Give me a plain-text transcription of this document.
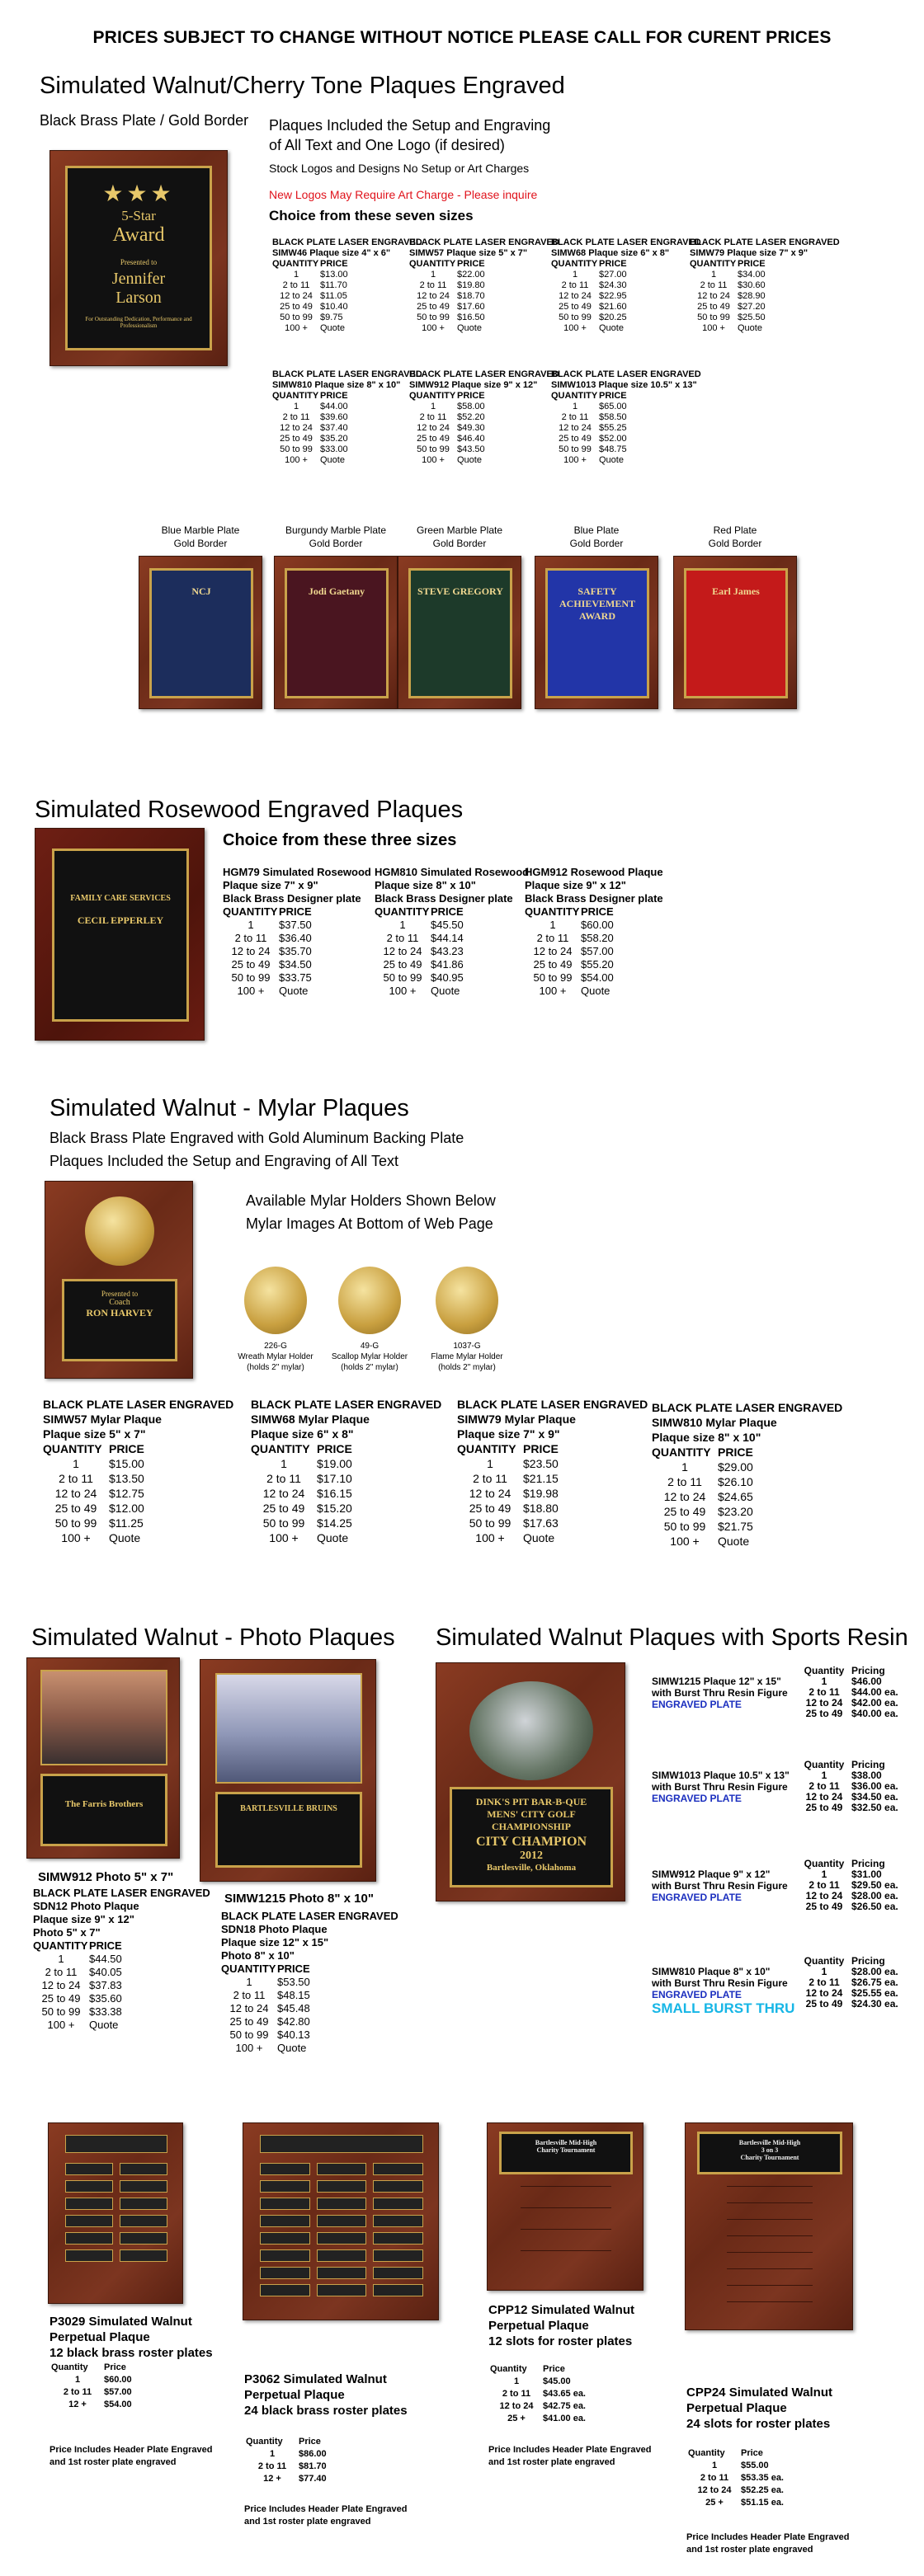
PRICES SUBJECT TO CHANGE WITHOUT NOTICE PLEASE CALL FOR CURENT PRICES
Simulated Walnut/Cherry Tone Plaques Engraved
Black Brass Plate / Gold Border
★★★
5-Star
Award
Presented to
Jennifer
Larson
For Outstanding Dedication, Performance and Professionalism
Plaques Included the Setup and Engraving
of All Text and One Logo (if desired)
Stock Logos and Designs No Setup or Art Charges
New Logos May Require Art Charge - Please inquire
Choice from these seven sizes
BLACK PLATE LASER ENGRAVED
SIMW46 Plaque size 4" x 6"
QUANTITY PRICE
1	$13.00
2 to 11	$11.70
12 to 24 $11.05
25 to 49 $10.40
50 to 99 $9.75
100 +	Quote
BLACK PLATE LASER ENGRAVED
SIMW57 Plaque size 5" x 7"
QUANTITY PRICE
1	$22.00
2 to 11	$19.80
12 to 24 $18.70
25 to 49 $17.60
50 to 99 $16.50
100 +	Quote
BLACK PLATE LASER ENGRAVED
SIMW68 Plaque size 6" x 8"
QUANTITY PRICE
1	$27.00
2 to 11	$24.30
12 to 24 $22.95
25 to 49 $21.60
50 to 99 $20.25
100 +	Quote
BLACK PLATE LASER ENGRAVED
SIMW79 Plaque size 7" x 9"
QUANTITY PRICE
1	$34.00
2 to 11	$30.60
12 to 24 $28.90
25 to 49 $27.20
50 to 99 $25.50
100 +	Quote
BLACK PLATE LASER ENGRAVED
SIMW810 Plaque size 8" x 10"
QUANTITY PRICE
1	$44.00
2 to 11	$39.60
12 to 24 $37.40
25 to 49 $35.20
50 to 99 $33.00
100 +	Quote
BLACK PLATE LASER ENGRAVED
SIMW912 Plaque size 9" x 12"
QUANTITY PRICE
1	$58.00
2 to 11	$52.20
12 to 24 $49.30
25 to 49 $46.40
50 to 99 $43.50
100 +	Quote
BLACK PLATE LASER ENGRAVED
SIMW1013 Plaque size 10.5" x 13"
QUANTITY PRICE
1	$65.00
2 to 11	$58.50
12 to 24 $55.25
25 to 49 $52.00
50 to 99 $48.75
100 +	Quote
Blue Marble Plate
Gold Border
NCJ
Burgundy Marble Plate
Gold Border
Jodi Gaetany
Green Marble Plate
Gold Border
STEVE GREGORY
Blue Plate
Gold Border
SAFETY ACHIEVEMENT AWARD
Red Plate
Gold Border
Earl James
Simulated Rosewood Engraved Plaques
FAMILY CARE SERVICES
CECIL EPPERLEY
Choice from these three sizes
HGM79 Simulated Rosewood
Plaque size 7" x 9"
Black Brass Designer plate
QUANTITY PRICE
1	$37.50
2 to 11	$36.40
12 to 24 $35.70
25 to 49 $34.50
50 to 99 $33.75
100 +	Quote
HGM810 Simulated Rosewood
Plaque size 8" x 10"
Black Brass Designer plate
QUANTITY PRICE
1	$45.50
2 to 11	$44.14
12 to 24 $43.23
25 to 49 $41.86
50 to 99 $40.95
100 +	Quote
HGM912 Rosewood Plaque
Plaque size 9" x 12"
Black Brass Designer plate
QUANTITY PRICE
1	$60.00
2 to 11	$58.20
12 to 24 $57.00
25 to 49 $55.20
50 to 99 $54.00
100 +	Quote
Simulated Walnut - Mylar Plaques
Black Brass Plate Engraved with Gold Aluminum Backing Plate
Plaques Included the Setup and Engraving of All Text
Presented to
Coach
RON HARVEY
Available Mylar Holders Shown Below
Mylar Images At Bottom of Web Page
226-G
Wreath Mylar Holder
(holds 2" mylar)
49-G
Scallop Mylar Holder
(holds 2" mylar)
1037-G
Flame Mylar Holder
(holds 2" mylar)
BLACK PLATE LASER ENGRAVED
SIMW57 Mylar Plaque
Plaque size 5" x 7"
QUANTITY PRICE
1	$15.00
2 to 11	$13.50
12 to 24	$12.75
25 to 49	$12.00
50 to 99	$11.25
100 +	Quote
BLACK PLATE LASER ENGRAVED
SIMW68 Mylar Plaque
Plaque size 6" x 8"
QUANTITY PRICE
1	$19.00
2 to 11	$17.10
12 to 24	$16.15
25 to 49	$15.20
50 to 99	$14.25
100 +	Quote
BLACK PLATE LASER ENGRAVED
SIMW79 Mylar Plaque
Plaque size 7" x 9"
QUANTITY PRICE
1	$23.50
2 to 11	$21.15
12 to 24	$19.98
25 to 49	$18.80
50 to 99	$17.63
100 +	Quote
BLACK PLATE LASER ENGRAVED
SIMW810 Mylar Plaque
Plaque size 8" x 10"
QUANTITY PRICE
1	$29.00
2 to 11	$26.10
12 to 24	$24.65
25 to 49	$23.20
50 to 99	$21.75
100 +	Quote
Simulated Walnut - Photo Plaques
The Farris Brothers	BARTLESVILLE BRUINS
SIMW912 Photo 5" x 7"
SIMW1215 Photo 8" x 10"
BLACK PLATE LASER ENGRAVED
SDN12 Photo Plaque
Plaque size 9" x 12"
Photo 5" x 7"
QUANTITY PRICE
1	$44.50
2 to 11	$40.05
12 to 24 $37.83
25 to 49 $35.60
50 to 99 $33.38
100 +	Quote
BLACK PLATE LASER ENGRAVED
SDN18 Photo Plaque
Plaque size 12" x 15"
Photo 8" x 10"
QUANTITY PRICE
1	$53.50
2 to 11	$48.15
12 to 24 $45.48
25 to 49 $42.80
50 to 99 $40.13
100 +	Quote
Simulated Walnut Plaques with Sports Resin
DINK'S PIT BAR-B-QUE
MENS' CITY GOLF CHAMPIONSHIP
CITY CHAMPION
2012
Bartlesville, Oklahoma
SIMW1215 Plaque 12" x 15"
with Burst Thru Resin Figure
ENGRAVED PLATE
Quantity Pricing
1	$46.00
2 to 11	$44.00 ea.
12 to 24 $42.00 ea.
25 to 49 $40.00 ea.
SIMW1013 Plaque 10.5" x 13"
with Burst Thru Resin Figure
ENGRAVED PLATE
Quantity Pricing
1	$38.00
2 to 11	$36.00 ea.
12 to 24 $34.50 ea.
25 to 49 $32.50 ea.
SIMW912 Plaque 9" x 12"
with Burst Thru Resin Figure
ENGRAVED PLATE
Quantity Pricing
1	$31.00
2 to 11	$29.50 ea.
12 to 24 $28.00 ea.
25 to 49 $26.50 ea.
SIMW810 Plaque 8" x 10"
with Burst Thru Resin Figure
ENGRAVED PLATE
SMALL BURST THRU
Quantity Pricing
1	$28.00 ea.
2 to 11	$26.75 ea.
12 to 24 $25.55 ea.
25 to 49 $24.30 ea.
P3029 Simulated Walnut
Perpetual Plaque
12 black brass roster plates
Quantity	Price
1	$60.00
2 to 11	$57.00
12 +	$54.00
Price Includes Header Plate Engraved
and 1st roster plate engraved
P3062 Simulated Walnut
Perpetual Plaque
24 black brass roster plates
Quantity	Price
1	$86.00
2 to 11	$81.70
12 +	$77.40
Price Includes Header Plate Engraved
and 1st roster plate engraved
Bartlesville Mid-High
Charity Tournament
CPP12 Simulated Walnut
Perpetual Plaque
12 slots for roster plates
Quantity	Price
1	$45.00
2 to 11	$43.65 ea.
12 to 24	$42.75 ea.
25 +	$41.00 ea.
Price Includes Header Plate Engraved
and 1st roster plate engraved
Bartlesville Mid-High
3 on 3
Charity Tournament
CPP24 Simulated Walnut
Perpetual Plaque
24 slots for roster plates
Quantity	Price
1	$55.00
2 to 11	$53.35 ea.
12 to 24	$52.25 ea.
25 +	$51.15 ea.
Price Includes Header Plate Engraved
and 1st roster plate engraved
